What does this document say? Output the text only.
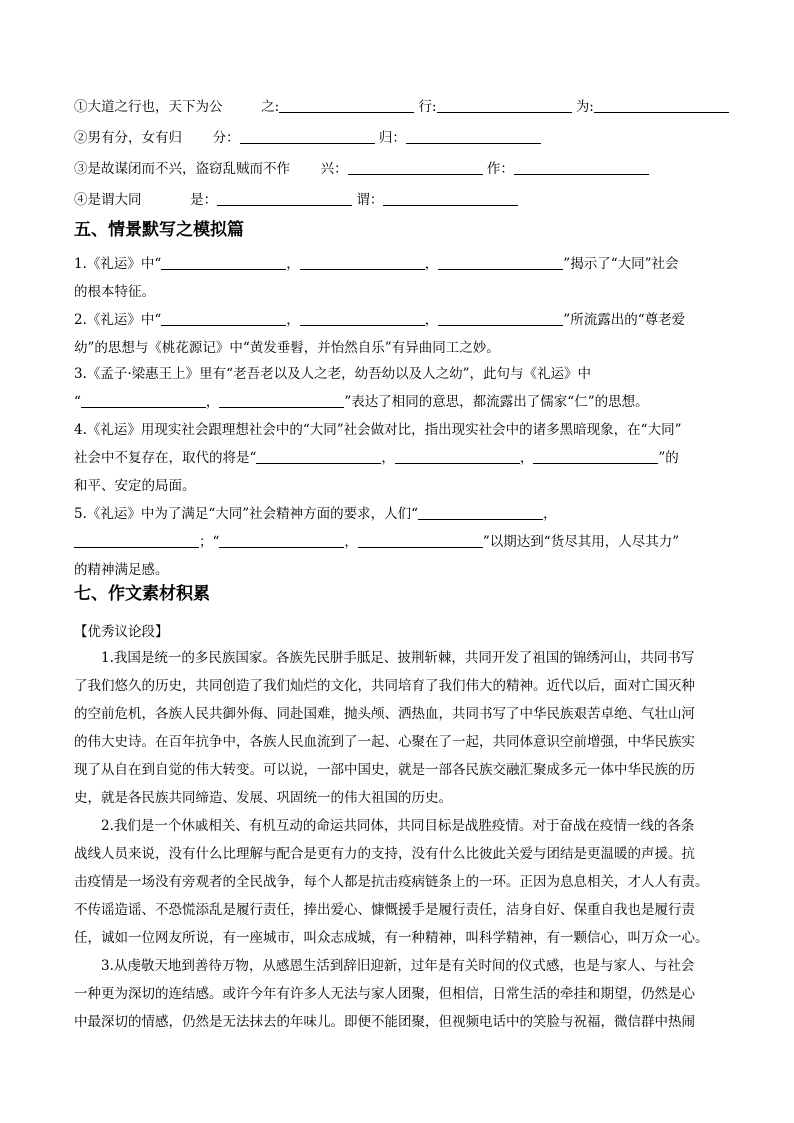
①大道之行也，天下为公	之:	行:	为:
②男有分，女有归 分：	归：
③是故谋闭而不兴，盗窃乱贼而不作 兴：	作：
④是谓大同	是：	谓：
五、情景默写之模拟篇
1.《礼运》中“	，	，	”揭示了“大同”社会
的根本特征。
2.《礼运》中“	，	，	”所流露出的“尊老爱
幼”的思想与《桃花源记》中“黄发垂髫，并怡然自乐”有异曲同工之妙。
3.《孟子·梁惠王上》里有“老吾老以及人之老，幼吾幼以及人之幼”，此句与《礼运》中
“	，	”表达了相同的意思，都流露出了儒家“仁”的思想。
4.《礼运》用现实社会跟理想社会中的“大同”社会做对比，指出现实社会中的诸多黑暗现象，在“大同”
社会中不复存在，取代的将是“	，	，	”的
和平、安定的局面。
5.《礼运》中为了满足“大同”社会精神方面的要求，人们“	，
；“	，	”以期达到“货尽其用，人尽其力”
的精神满足感。
七、作文素材积累
【优秀议论段】
1.我国是统一的多民族国家。各族先民胼手胝足、披荆斩棘，共同开发了祖国的锦绣河山，共同书写
了我们悠久的历史，共同创造了我们灿烂的文化，共同培育了我们伟大的精神。近代以后，面对亡国灭种
的空前危机，各族人民共御外侮、同赴国难，抛头颅、洒热血，共同书写了中华民族艰苦卓绝、气壮山河
的伟大史诗。在百年抗争中，各族人民血流到了一起、心聚在了一起，共同体意识空前增强，中华民族实
现了从自在到自觉的伟大转变。可以说，一部中国史，就是一部各民族交融汇聚成多元一体中华民族的历
史，就是各民族共同缔造、发展、巩固统一的伟大祖国的历史。
2.我们是一个休戚相关、有机互动的命运共同体，共同目标是战胜疫情。对于奋战在疫情一线的各条
战线人员来说，没有什么比理解与配合是更有力的支持，没有什么比彼此关爱与团结是更温暖的声援。抗
击疫情是一场没有旁观者的全民战争，每个人都是抗击疫病链条上的一环。正因为息息相关，才人人有责。
不传谣造谣、不恐慌添乱是履行责任，捧出爱心、慷慨援手是履行责任，洁身自好、保重自我也是履行责
任，诚如一位网友所说，有一座城市，叫众志成城，有一种精神，叫科学精神，有一颗信心，叫万众一心。
3.从虔敬天地到善待万物，从感恩生活到辞旧迎新，过年是有关时间的仪式感，也是与家人、与社会
一种更为深切的连结感。或许今年有许多人无法与家人团聚，但相信，日常生活的牵挂和期望，仍然是心
中最深切的情感，仍然是无法抹去的年味儿。即便不能团聚，但视频电话中的笑脸与祝福，微信群中热闹
